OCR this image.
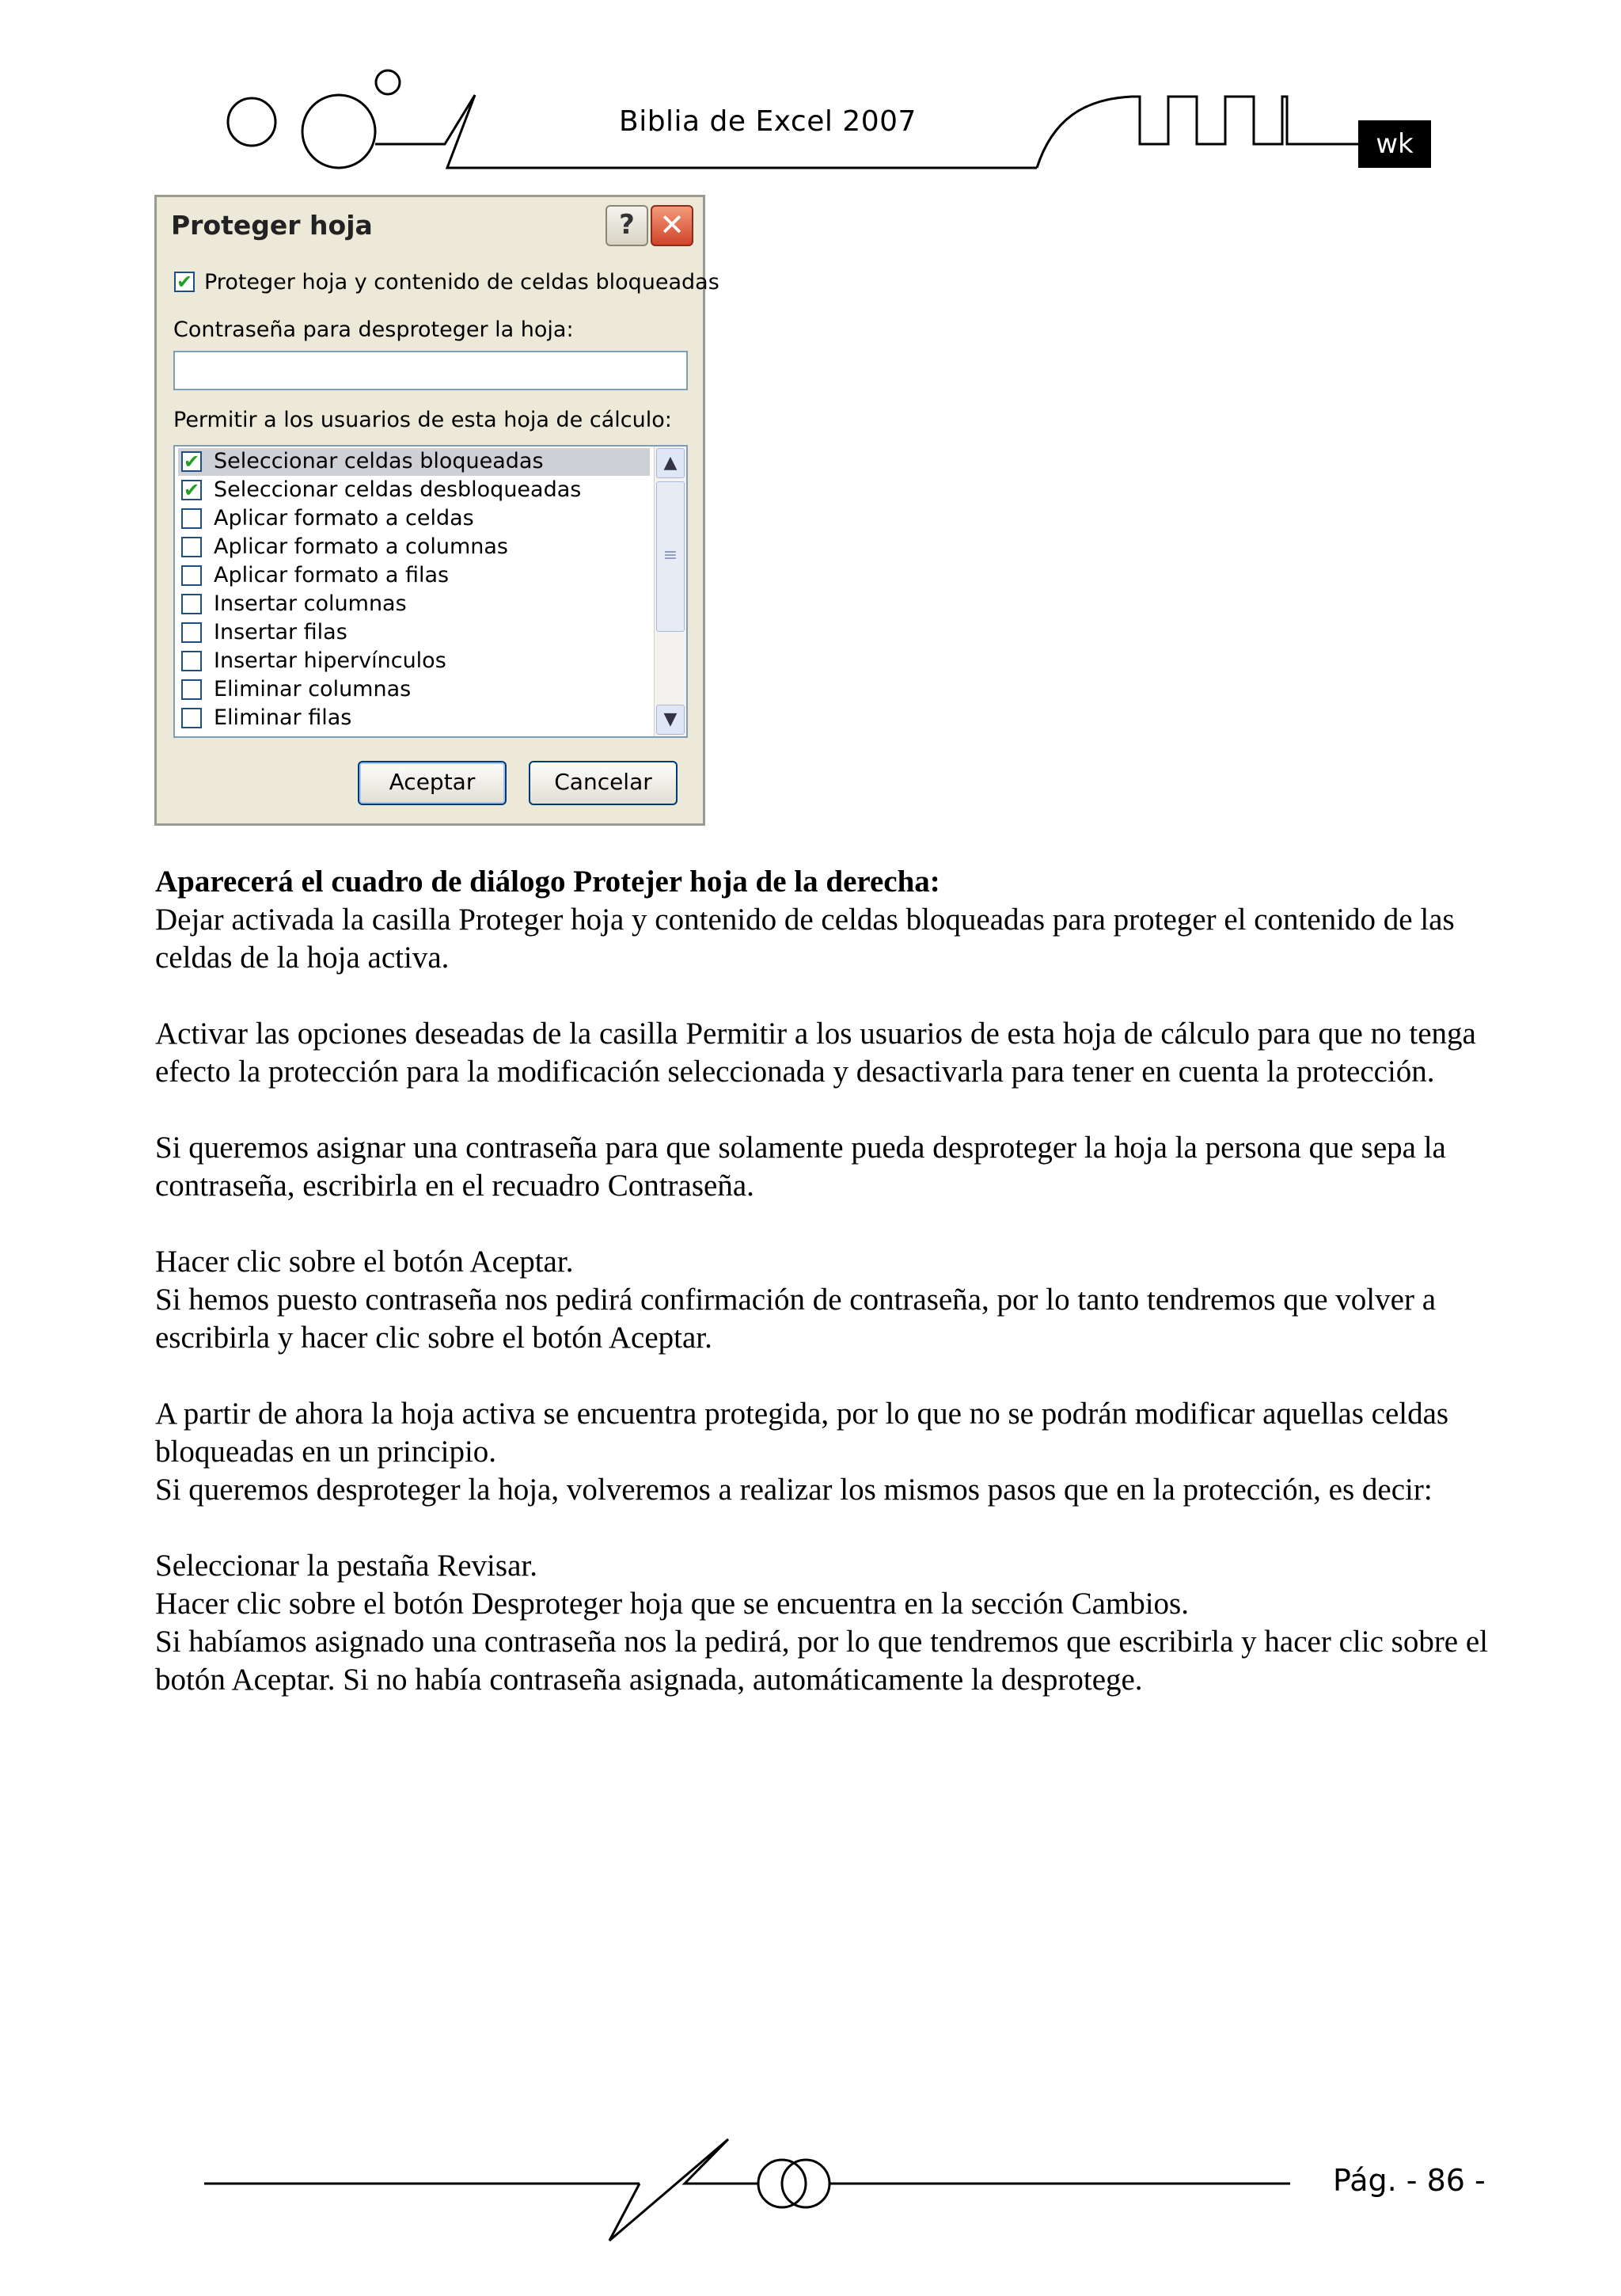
Biblia de Excel 2007
wk
Proteger hoja	? ✕
✔ Proteger hoja y contenido de celdas bloqueadas
Contraseña para desproteger la hoja:
Permitir a los usuarios de esta hoja de cálculo:
✔ Seleccionar celdas bloqueadas
✔ Seleccionar celdas desbloqueadas
Aplicar formato a celdas
Aplicar formato a columnas
Aplicar formato a filas
Insertar columnas
Insertar filas
Insertar hipervínculos
Eliminar columnas
Eliminar filas
▲
≡
▼
Aceptar	Cancelar

Aparecerá el cuadro de diálogo Protejer hoja de la derecha:

Dejar activada la casilla Proteger hoja y contenido de celdas bloqueadas para proteger el contenido de las celdas de la hoja activa.

Activar las opciones deseadas de la casilla Permitir a los usuarios de esta hoja de cálculo para que no tenga efecto la protección para la modificación seleccionada y desactivarla para tener en cuenta la protección.

Si queremos asignar una contraseña para que solamente pueda desproteger la hoja la persona que sepa la contraseña, escribirla en el recuadro Contraseña.

Hacer clic sobre el botón Aceptar.

Si hemos puesto contraseña nos pedirá confirmación de contraseña, por lo tanto tendremos que volver a escribirla y hacer clic sobre el botón Aceptar.

A partir de ahora la hoja activa se encuentra protegida, por lo que no se podrán modificar aquellas celdas bloqueadas en un principio.

Si queremos desproteger la hoja, volveremos a realizar los mismos pasos que en la protección, es decir:

Seleccionar la pestaña Revisar.

Hacer clic sobre el botón Desproteger hoja que se encuentra en la sección Cambios.

Si habíamos asignado una contraseña nos la pedirá, por lo que tendremos que escribirla y hacer clic sobre el botón Aceptar. Si no había contraseña asignada, automáticamente la desprotege.

Pág. - 86 -
